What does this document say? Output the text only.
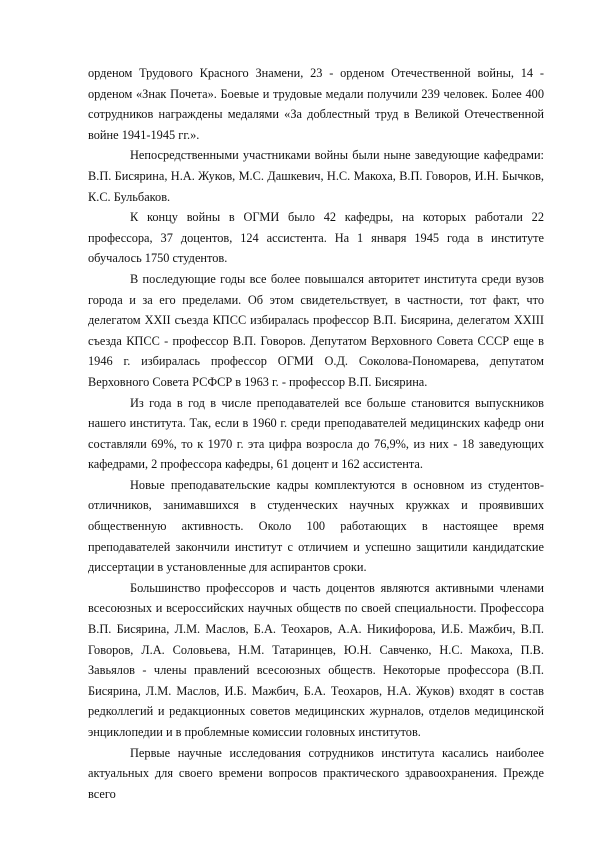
орденом Трудового Красного Знамени, 23 - орденом Отечественной войны, 14 - орденом «Знак Почета». Боевые и трудовые медали получили 239 человек. Более 400 сотрудников награждены медалями «За доблестный труд в Великой Отечественной войне 1941-1945 гг.».

Непосредственными участниками войны были ныне заведующие кафедрами: В.П. Бисярина, Н.А. Жуков, М.С. Дашкевич, Н.С. Макоха, В.П. Говоров, И.Н. Бычков, К.С. Бульбаков.

К концу войны в ОГМИ было 42 кафедры, на которых работали 22 профессора, 37 доцентов, 124 ассистента. На 1 января 1945 года в институте обучалось 1750 студентов.

В последующие годы все более повышался авторитет института среди вузов города и за его пределами. Об этом свидетельствует, в частности, тот факт, что делегатом XXII съезда КПСС избиралась профессор В.П. Бисярина, делегатом XXIII съезда КПСС - профессор В.П. Говоров. Депутатом Верховного Совета СССР еще в 1946 г. избиралась профессор ОГМИ О.Д. Соколова-Пономарева, депутатом Верховного Совета РСФСР в 1963 г. - профессор В.П. Бисярина.

Из года в год в числе преподавателей все больше становится выпускников нашего института. Так, если в 1960 г. среди преподавателей медицинских кафедр они составляли 69%, то к 1970 г. эта цифра возросла до 76,9%, из них - 18 заведующих кафедрами, 2 профессора кафедры, 61 доцент и 162 ассистента.

Новые преподавательские кадры комплектуются в основном из студентов-отличников, занимавшихся в студенческих научных кружках и проявивших общественную активность. Около 100 работающих в настоящее время преподавателей закончили институт с отличием и успешно защитили кандидатские диссертации в установленные для аспирантов сроки.

Большинство профессоров и часть доцентов являются активными членами всесоюзных и всероссийских научных обществ по своей специальности. Профессора В.П. Бисярина, Л.М. Маслов, Б.А. Теохаров, А.А. Никифорова, И.Б. Мажбич, В.П. Говоров, Л.А. Соловьева, Н.М. Татаринцев, Ю.Н. Савченко, Н.С. Макоха, П.В. Завьялов - члены правлений всесоюзных обществ. Некоторые профессора (В.П. Бисярина, Л.М. Маслов, И.Б. Мажбич, Б.А. Теохаров, Н.А. Жуков) входят в состав редколлегий и редакционных советов медицинских журналов, отделов медицинской энциклопедии и в проблемные комиссии головных институтов.

Первые научные исследования сотрудников института касались наиболее актуальных для своего времени вопросов практического здравоохранения. Прежде всего
